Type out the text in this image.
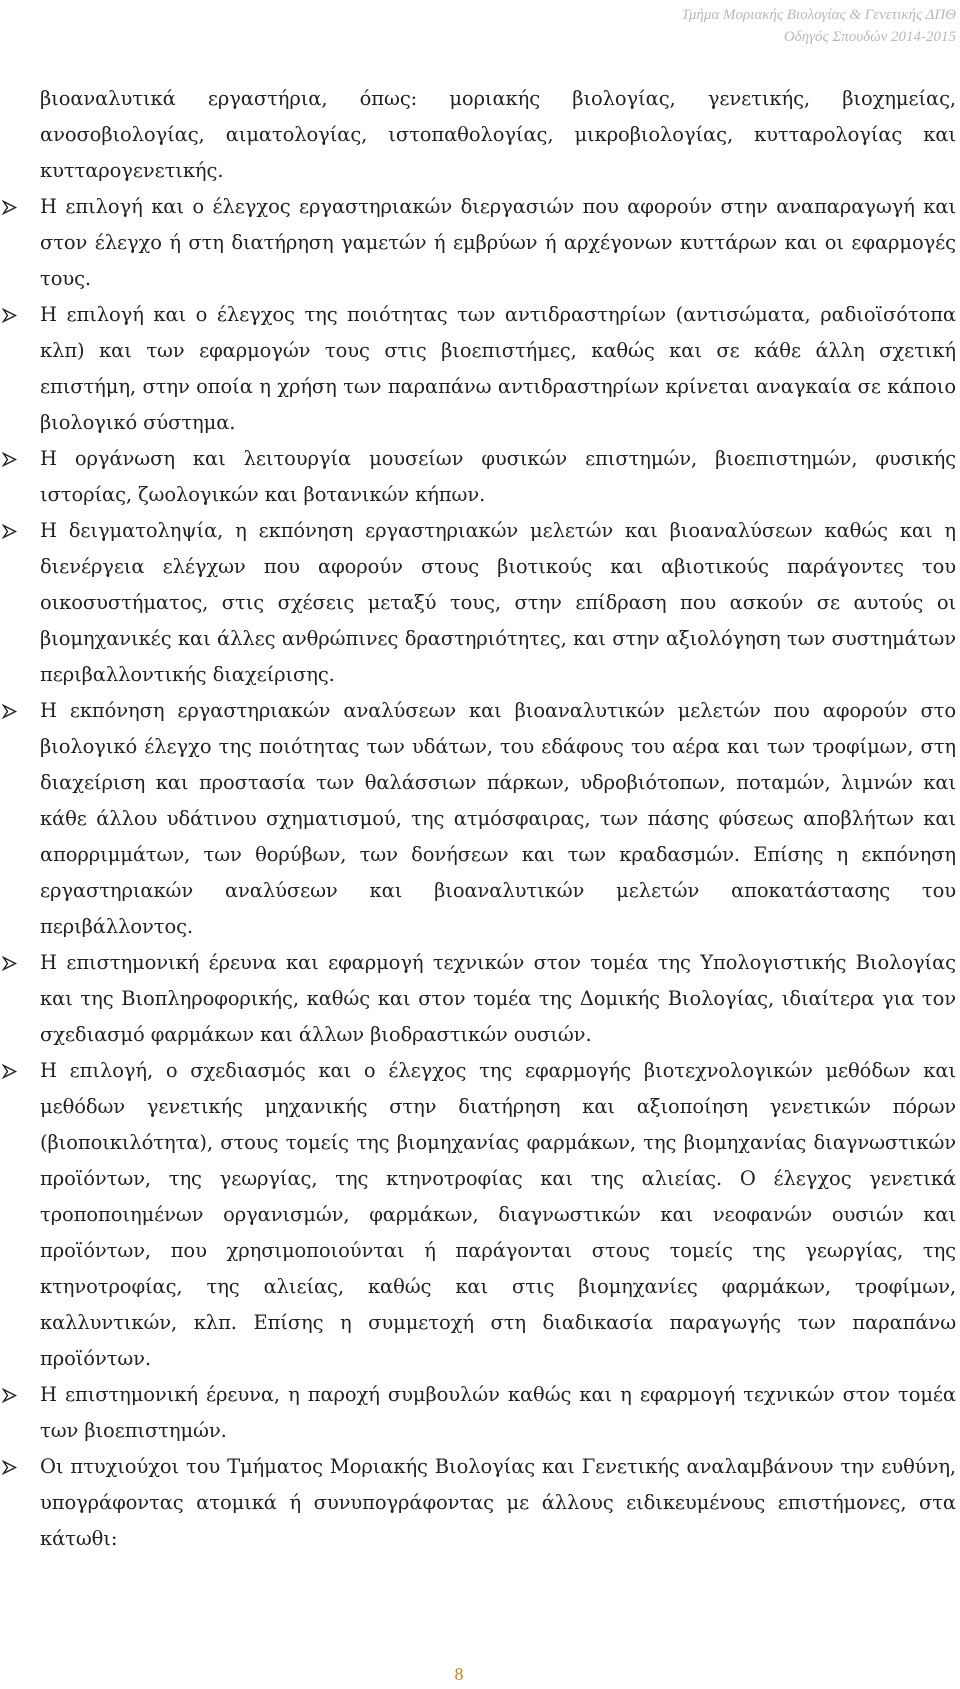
Τμήμα Μοριακής Βιολογίας & Γενετικής ΔΠΘ
Οδηγός Σπουδών 2014-2015

βιοαναλυτικά εργαστήρια, όπως: μοριακής βιολογίας, γενετικής, βιοχημείας, ανοσοβιολογίας, αιματολογίας, ιστοπαθολογίας, μικροβιολογίας, κυτταρολογίας και κυτταρογενετικής.

Η επιλογή και ο έλεγχος εργαστηριακών διεργασιών που αφορούν στην αναπαραγωγή και στον έλεγχο ή στη διατήρηση γαμετών ή εμβρύων ή αρχέγονων κυττάρων και οι εφαρμογές τους.
Η επιλογή και ο έλεγχος της ποιότητας των αντιδραστηρίων (αντισώματα, ραδιοϊσότοπα κλπ) και των εφαρμογών τους στις βιοεπιστήμες, καθώς και σε κάθε άλλη σχετική επιστήμη, στην οποία η χρήση των παραπάνω αντιδραστηρίων κρίνεται αναγκαία σε κάποιο βιολογικό σύστημα.
Η οργάνωση και λειτουργία μουσείων φυσικών επιστημών, βιοεπιστημών, φυσικής ιστορίας, ζωολογικών και βοτανικών κήπων.
Η δειγματοληψία, η εκπόνηση εργαστηριακών μελετών και βιοαναλύσεων καθώς και η διενέργεια ελέγχων που αφορούν στους βιοτικούς και αβιοτικούς παράγοντες του οικοσυστήματος, στις σχέσεις μεταξύ τους, στην επίδραση που ασκούν σε αυτούς οι βιομηχανικές και άλλες ανθρώπινες δραστηριότητες, και στην αξιολόγηση των συστημάτων περιβαλλοντικής διαχείρισης.
Η εκπόνηση εργαστηριακών αναλύσεων και βιοαναλυτικών μελετών που αφορούν στο βιολογικό έλεγχο της ποιότητας των υδάτων, του εδάφους του αέρα και των τροφίμων, στη διαχείριση και προστασία των θαλάσσιων πάρκων, υδροβιότοπων, ποταμών, λιμνών και κάθε άλλου υδάτινου σχηματισμού, της ατμόσφαιρας, των πάσης φύσεως αποβλήτων και απορριμμάτων, των θορύβων, των δονήσεων και των κραδασμών. Επίσης η εκπόνηση εργαστηριακών αναλύσεων και βιοαναλυτικών μελετών αποκατάστασης του περιβάλλοντος.
Η επιστημονική έρευνα και εφαρμογή τεχνικών στον τομέα της Υπολογιστικής Βιολογίας και της Βιοπληροφορικής, καθώς και στον τομέα της Δομικής Βιολογίας, ιδιαίτερα για τον σχεδιασμό φαρμάκων και άλλων βιοδραστικών ουσιών.
Η επιλογή, ο σχεδιασμός και ο έλεγχος της εφαρμογής βιοτεχνολογικών μεθόδων και μεθόδων γενετικής μηχανικής στην διατήρηση και αξιοποίηση γενετικών πόρων (βιοποικιλότητα), στους τομείς της βιομηχανίας φαρμάκων, της βιομηχανίας διαγνωστικών προϊόντων, της γεωργίας, της κτηνοτροφίας και της αλιείας. Ο έλεγχος γενετικά τροποποιημένων οργανισμών, φαρμάκων, διαγνωστικών και νεοφανών ουσιών και προϊόντων, που χρησιμοποιούνται ή παράγονται στους τομείς της γεωργίας, της κτηνοτροφίας, της αλιείας, καθώς και στις βιομηχανίες φαρμάκων, τροφίμων, καλλυντικών, κλπ. Επίσης η συμμετοχή στη διαδικασία παραγωγής των παραπάνω προϊόντων.
Η επιστημονική έρευνα, η παροχή συμβουλών καθώς και η εφαρμογή τεχνικών στον τομέα των βιοεπιστημών.
Οι πτυχιούχοι του Τμήματος Μοριακής Βιολογίας και Γενετικής αναλαμβάνουν την ευθύνη, υπογράφοντας ατομικά ή συνυπογράφοντας με άλλους ειδικευμένους επιστήμονες, στα κάτωθι:
8
